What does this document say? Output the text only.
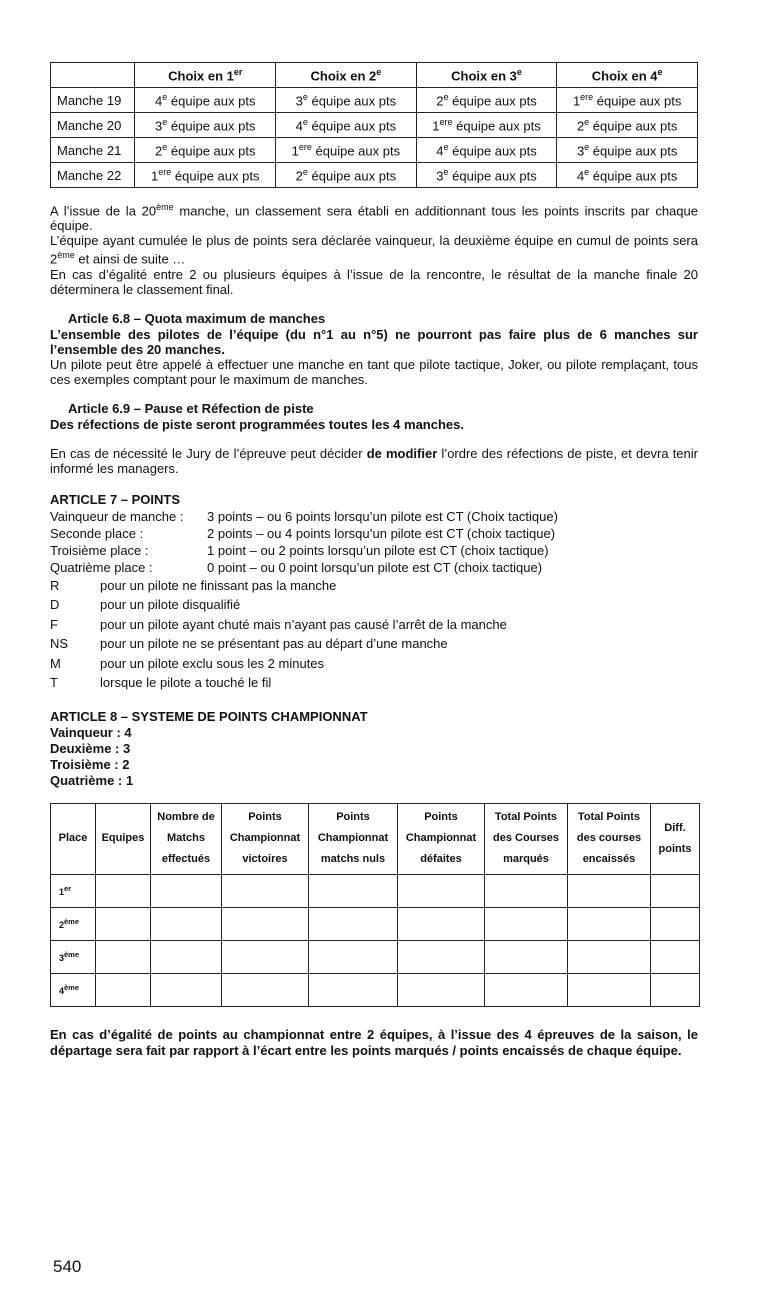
	Choix en 1er	Choix en 2e	Choix en 3e	Choix en 4e
Manche 19	4e équipe aux pts	3e équipe aux pts	2e équipe aux pts	1ere équipe aux pts
Manche 20	3e équipe aux pts	4e équipe aux pts	1ere équipe aux pts	2e équipe aux pts
Manche 21	2e équipe aux pts	1ere équipe aux pts	4e équipe aux pts	3e équipe aux pts
Manche 22	1ere équipe aux pts	2e équipe aux pts	3e équipe aux pts	4e équipe aux pts

A l’issue de la 20ème manche, un classement sera établi en additionnant tous les points inscrits par chaque équipe.

L’équipe ayant cumulée le plus de points sera déclarée vainqueur, la deuxième équipe en cumul de points sera 2ème et ainsi de suite …

En cas d’égalité entre 2 ou plusieurs équipes à l’issue de la rencontre, le résultat de la manche finale 20 déterminera le classement final.

Article 6.8 – Quota maximum de manches

L’ensemble des pilotes de l’équipe (du n°1 au n°5) ne pourront pas faire plus de 6 manches sur l’ensemble des 20 manches.

Un pilote peut être appelé à effectuer une manche en tant que pilote tactique, Joker, ou pilote remplaçant, tous ces exemples comptant pour le maximum de manches.

Article 6.9 – Pause et Réfection de piste

Des réfections de piste seront programmées toutes les 4 manches.

En cas de nécessité le Jury de l’épreuve peut décider de modifier l’ordre des réfections de piste, et devra tenir informé les managers.

ARTICLE 7 – POINTS
Vainqueur de manche :	3 points – ou 6 points lorsqu’un pilote est CT (Choix tactique)
Seconde place :	2 points – ou 4 points lorsqu’un pilote est CT (choix tactique)
Troisième place :	1 point – ou 2 points lorsqu’un pilote est CT (choix tactique)
Quatrième place :	0 point – ou 0 point lorsqu’un pilote est CT (choix tactique)
R	pour un pilote ne finissant pas la manche
D	pour un pilote disqualifié
F	pour un pilote ayant chuté mais n’ayant pas causé l’arrêt de la manche
NS	pour un pilote ne se présentant pas au départ d’une manche
M	pour un pilote exclu sous les 2 minutes
T	lorsque le pilote a touché le fil
ARTICLE 8 – SYSTEME DE POINTS CHAMPIONNAT
Vainqueur : 4
Deuxième : 3
Troisième : 2
Quatrième : 1
Place	Equipes	Nombre de Matchs effectués	Points Championnat victoires	Points Championnat matchs nuls	Points Championnat défaites	Total Points des Courses marqués	Total Points des courses encaissés	Diff. points
1er								
2ème								
3ème								
4ème								

En cas d’égalité de points au championnat entre 2 équipes, à l’issue des 4 épreuves de la saison, le départage sera fait par rapport à l’écart entre les points marqués / points encaissés de chaque équipe.

540
